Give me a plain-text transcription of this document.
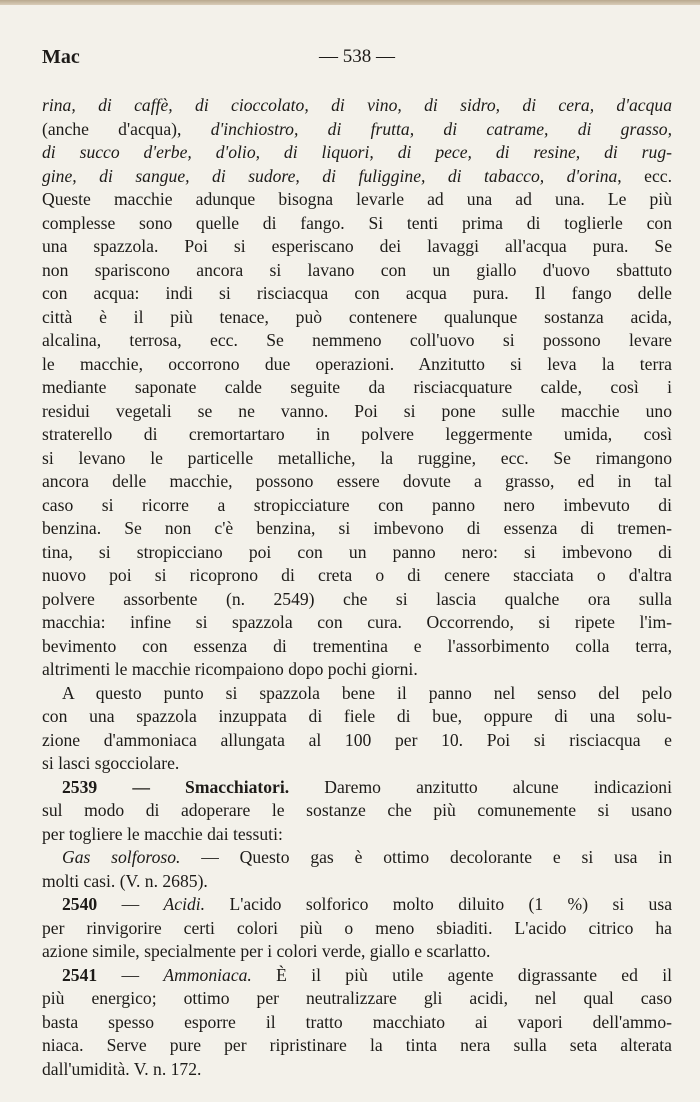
— 538 —
Mac
rina, di caffè, di cioccolato, di vino, di sidro, di cera, d'acqua
(anche d'acqua), d'inchiostro, di frutta, di catrame, di grasso,
di succo d'erbe, d'olio, di liquori, di pece, di resine, di rug-
gine, di sangue, di sudore, di fuliggine, di tabacco, d'orina, ecc.
Queste macchie adunque bisogna levarle ad una ad una. Le più
complesse sono quelle di fango. Si tenti prima di toglierle con
una spazzola. Poi si esperiscano dei lavaggi all'acqua pura. Se
non spariscono ancora si lavano con un giallo d'uovo sbattuto
con acqua: indi si risciacqua con acqua pura. Il fango delle
città è il più tenace, può contenere qualunque sostanza acida,
alcalina, terrosa, ecc. Se nemmeno coll'uovo si possono levare
le macchie, occorrono due operazioni. Anzitutto si leva la terra
mediante saponate calde seguite da risciacquature calde, così i
residui vegetali se ne vanno. Poi si pone sulle macchie uno
straterello di cremortartaro in polvere leggermente umida, così
si levano le particelle metalliche, la ruggine, ecc. Se rimangono
ancora delle macchie, possono essere dovute a grasso, ed in tal
caso si ricorre a stropicciature con panno nero imbevuto di
benzina. Se non c'è benzina, si imbevono di essenza di tremen-
tina, si stropicciano poi con un panno nero: si imbevono di
nuovo poi si ricoprono di creta o di cenere stacciata o d'altra
polvere assorbente (n. 2549) che si lascia qualche ora sulla
macchia: infine si spazzola con cura. Occorrendo, si ripete l'im-
bevimento con essenza di trementina e l'assorbimento colla terra,
altrimenti le macchie ricompaiono dopo pochi giorni.
A questo punto si spazzola bene il panno nel senso del pelo
con una spazzola inzuppata di fiele di bue, oppure di una solu-
zione d'ammoniaca allungata al 100 per 10. Poi si risciacqua e
si lasci sgocciolare.
2539 — Smacchiatori. Daremo anzitutto alcune indicazioni
sul modo di adoperare le sostanze che più comunemente si usano
per togliere le macchie dai tessuti:
Gas solforoso. — Questo gas è ottimo decolorante e si usa in
molti casi. (V. n. 2685).
2540 — Acidi. L'acido solforico molto diluito (1 %) si usa
per rinvigorire certi colori più o meno sbiaditi. L'acido citrico ha
azione simile, specialmente per i colori verde, giallo e scarlatto.
2541 — Ammoniaca. È il più utile agente digrassante ed il
più energico; ottimo per neutralizzare gli acidi, nel qual caso
basta spesso esporre il tratto macchiato ai vapori dell'ammo-
niaca. Serve pure per ripristinare la tinta nera sulla seta alterata
dall'umidità. V. n. 172.
